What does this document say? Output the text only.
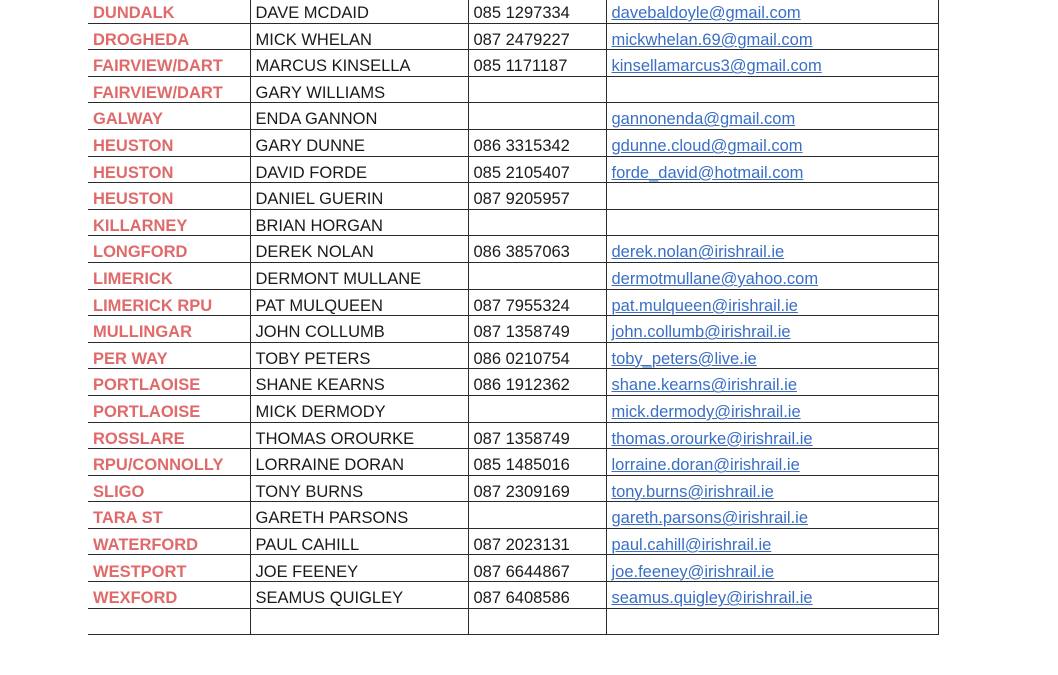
DUNDALK	DAVE MCDAID	085 1297334	davebaldoyle@gmail.com
DROGHEDA	MICK WHELAN	087 2479227	mickwhelan.69@gmail.com
FAIRVIEW/DART	MARCUS KINSELLA	085 1171187	kinsellamarcus3@gmail.com
FAIRVIEW/DART	GARY WILLIAMS		
GALWAY	ENDA GANNON		gannonenda@gmail.com
HEUSTON	GARY DUNNE	086 3315342	gdunne.cloud@gmail.com
HEUSTON	DAVID FORDE	085 2105407	forde_david@hotmail.com
HEUSTON	DANIEL GUERIN	087 9205957	
KILLARNEY	BRIAN HORGAN		
LONGFORD	DEREK NOLAN	086 3857063	derek.nolan@irishrail.ie
LIMERICK	DERMONT MULLANE		dermotmullane@yahoo.com
LIMERICK RPU	PAT MULQUEEN	087 7955324	pat.mulqueen@irishrail.ie
MULLINGAR	JOHN COLLUMB	087 1358749	john.collumb@irishrail.ie
PER WAY	TOBY PETERS	086 0210754	toby_peters@live.ie
PORTLAOISE	SHANE KEARNS	086 1912362	shane.kearns@irishrail.ie
PORTLAOISE	MICK DERMODY		mick.dermody@irishrail.ie
ROSSLARE	THOMAS OROURKE	087 1358749	thomas.orourke@irishrail.ie
RPU/CONNOLLY	LORRAINE DORAN	085 1485016	lorraine.doran@irishrail.ie
SLIGO	TONY BURNS	087 2309169	tony.burns@irishrail.ie
TARA ST	GARETH PARSONS		gareth.parsons@irishrail.ie
WATERFORD	PAUL CAHILL	087 2023131	paul.cahill@irishrail.ie
WESTPORT	JOE FEENEY	087 6644867	joe.feeney@irishrail.ie
WEXFORD	SEAMUS QUIGLEY	087 6408586	seamus.quigley@irishrail.ie
